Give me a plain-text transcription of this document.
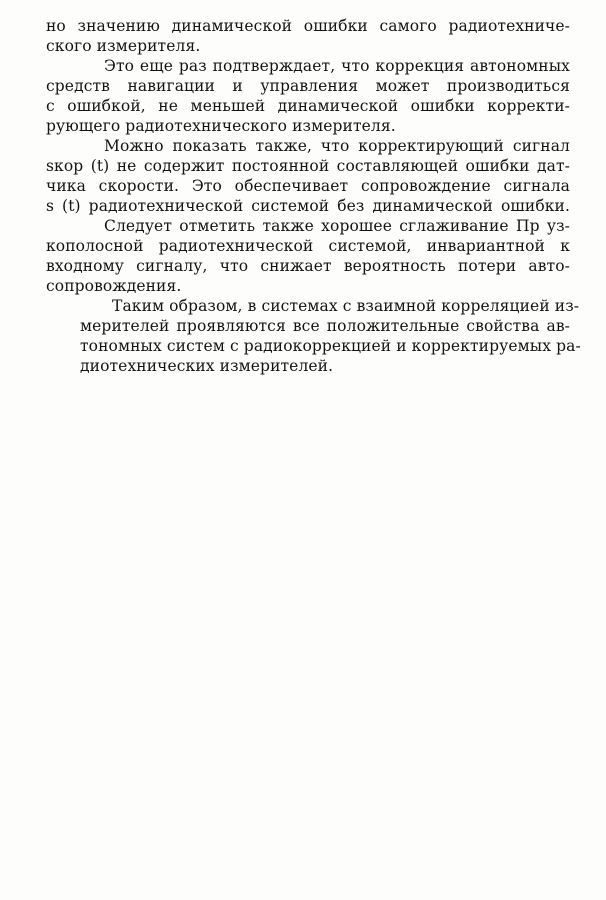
но значению динамической ошибки самого радиотехниче-
ского измерителя.
Это еще раз подтверждает, что коррекция автономных
средств навигации и управления может производиться
с ошибкой, не меньшей динамической ошибки корректи-
рующего радиотехнического измерителя.
Можно показать также, что корректирующий сигнал
sкор (t) не содержит постоянной составляющей ошибки дат-
чика скорости. Это обеспечивает сопровождение сигнала
s (t) радиотехнической системой без динамической ошибки.
Следует отметить также хорошее сглаживание Пp уз-
кополосной радиотехнической системой, инвариантной к
входному сигналу, что снижает вероятность потери авто-
сопровождения.
Таким образом, в системах с взаимной корреляцией из-
мерителей проявляются все положительные свойства ав-
тономных систем с радиокоррекцией и корректируемых ра-
диотехнических измерителей.
